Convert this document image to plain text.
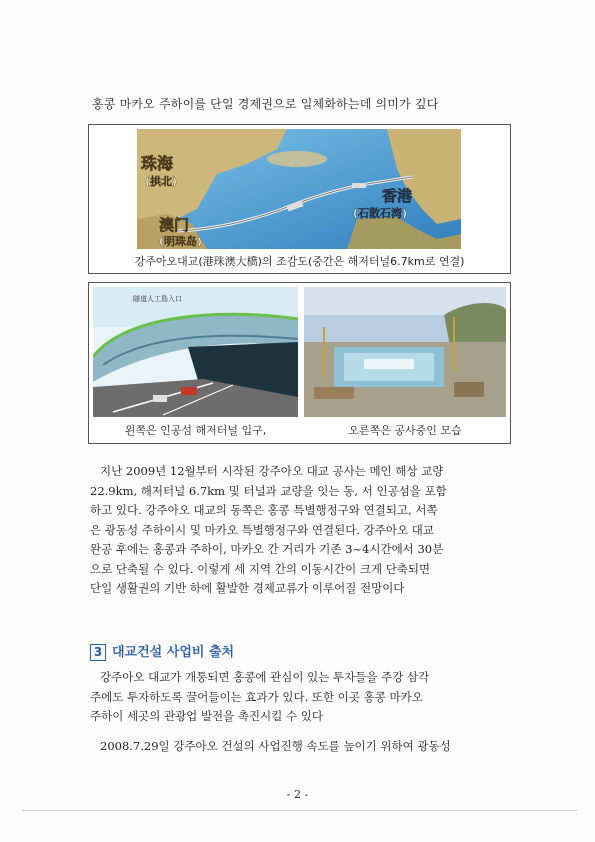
홍콩 마카오 주하이를 단일 경제권으로 일체화하는데 의미가 깊다
珠海
(拱北)
香港
(石散石湾)
澳门
(明珠岛)
강주아오대교(港珠澳大橋)의 조감도(중간은 해저터널6.7km로 연결)
隧道人工島入口
왼쪽은 인공섬 해저터널 입구,	오른쪽은 공사중인 모습
지난 2009년 12월부터 시작된 강주아오 대교 공사는 메인 해상 교량
22.9km, 해저터널 6.7km 및 터널과 교량을 잇는 동, 서 인공섬을 포함
하고 있다. 강주아오 대교의 동쪽은 홍콩 특별행정구와 연결되고, 서쪽
은 광동성 주하이시 및 마카오 특별행정구와 연결된다. 강주아오 대교
완공 후에는 홍콩과 주하이, 마카오 간 거리가 기존 3~4시간에서 30분
으로 단축될 수 있다. 이렇게 세 지역 간의 이동시간이 크게 단축되면
단일 생활권의 기반 하에 활발한 경제교류가 이루어질 전망이다
3 대교건설 사업비 출처
강주아오 대교가 개통되면 홍콩에 관심이 있는 투자들을 주강 삼각
주에도 투자하도록 끌어들이는 효과가 있다. 또한 이곳 홍콩 마카오
주하이 세곳의 관광업 발전을 촉진시킬 수 있다
2008.7.29일 강주아오 건설의 사업진행 속도를 높이기 위하여 광동성
- 2 -
